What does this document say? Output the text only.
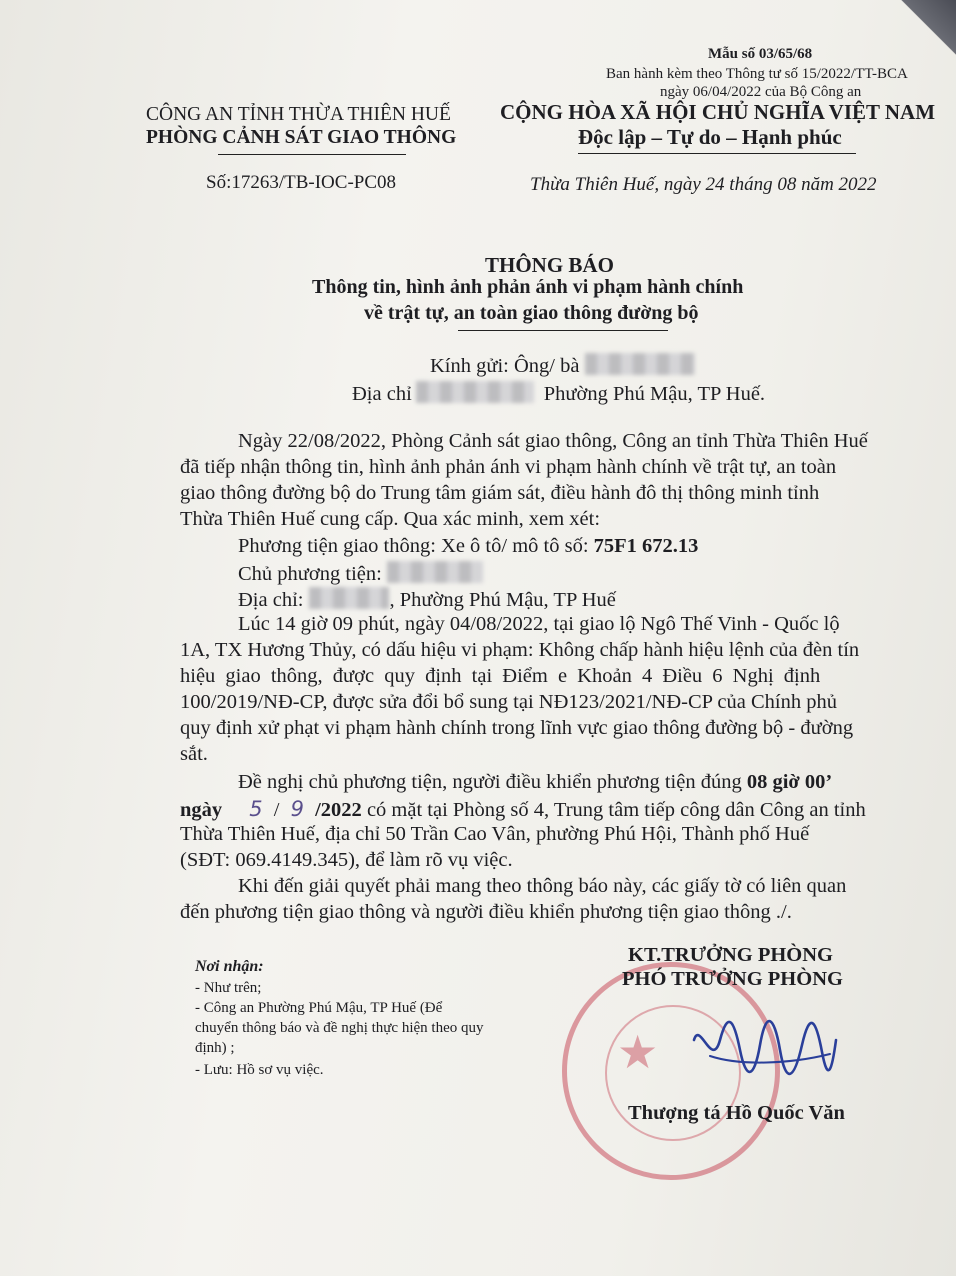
Mẫu số 03/65/68
Ban hành kèm theo Thông tư số 15/2022/TT-BCA
ngày 06/04/2022 của Bộ Công an
CÔNG AN TỈNH THỪA THIÊN HUẾ
PHÒNG CẢNH SÁT GIAO THÔNG
Số:17263/TB-IOC-PC08
CỘNG HÒA XÃ HỘI CHỦ NGHĨA VIỆT NAM
Độc lập – Tự do – Hạnh phúc
Thừa Thiên Huế, ngày 24 tháng 08 năm 2022
THÔNG BÁO
Thông tin, hình ảnh phản ánh vi phạm hành chính
về trật tự, an toàn giao thông đường bộ
Kính gửi: Ông/ bà
Địa chỉ	Phường Phú Mậu, TP Huế.
Ngày 22/08/2022, Phòng Cảnh sát giao thông, Công an tỉnh Thừa Thiên Huế
đã tiếp nhận thông tin, hình ảnh phản ánh vi phạm hành chính về trật tự, an toàn
giao thông đường bộ do Trung tâm giám sát, điều hành đô thị thông minh tỉnh
Thừa Thiên Huế cung cấp. Qua xác minh, xem xét:
Phương tiện giao thông: Xe ô tô/ mô tô số: 75F1 672.13
Chủ phương tiện:
Địa chỉ:	, Phường Phú Mậu, TP Huế
Lúc 14 giờ 09 phút, ngày 04/08/2022, tại giao lộ Ngô Thế Vinh - Quốc lộ
1A, TX Hương Thủy, có dấu hiệu vi phạm: Không chấp hành hiệu lệnh của đèn tín
hiệu giao thông, được quy định tại Điểm e Khoản 4 Điều 6 Nghị định
100/2019/NĐ-CP, được sửa đổi bổ sung tại NĐ123/2021/NĐ-CP của Chính phủ
quy định xử phạt vi phạm hành chính trong lĩnh vực giao thông đường bộ - đường
sắt.
Đề nghị chủ phương tiện, người điều khiển phương tiện đúng 08 giờ 00’
ngày 5 / 9 /2022 có mặt tại Phòng số 4, Trung tâm tiếp công dân Công an tỉnh
Thừa Thiên Huế, địa chỉ 50 Trần Cao Vân, phường Phú Hội, Thành phố Huế
(SĐT: 069.4149.345), để làm rõ vụ việc.
Khi đến giải quyết phải mang theo thông báo này, các giấy tờ có liên quan
đến phương tiện giao thông và người điều khiển phương tiện giao thông ./.
Nơi nhận:
- Như trên;
- Công an Phường Phú Mậu, TP Huế (Để
chuyển thông báo và đề nghị thực hiện theo quy
định) ;
- Lưu: Hồ sơ vụ việc.	★
KT.TRƯỞNG PHÒNG
PHÓ TRƯỞNG PHÒNG
Thượng tá Hồ Quốc Văn
